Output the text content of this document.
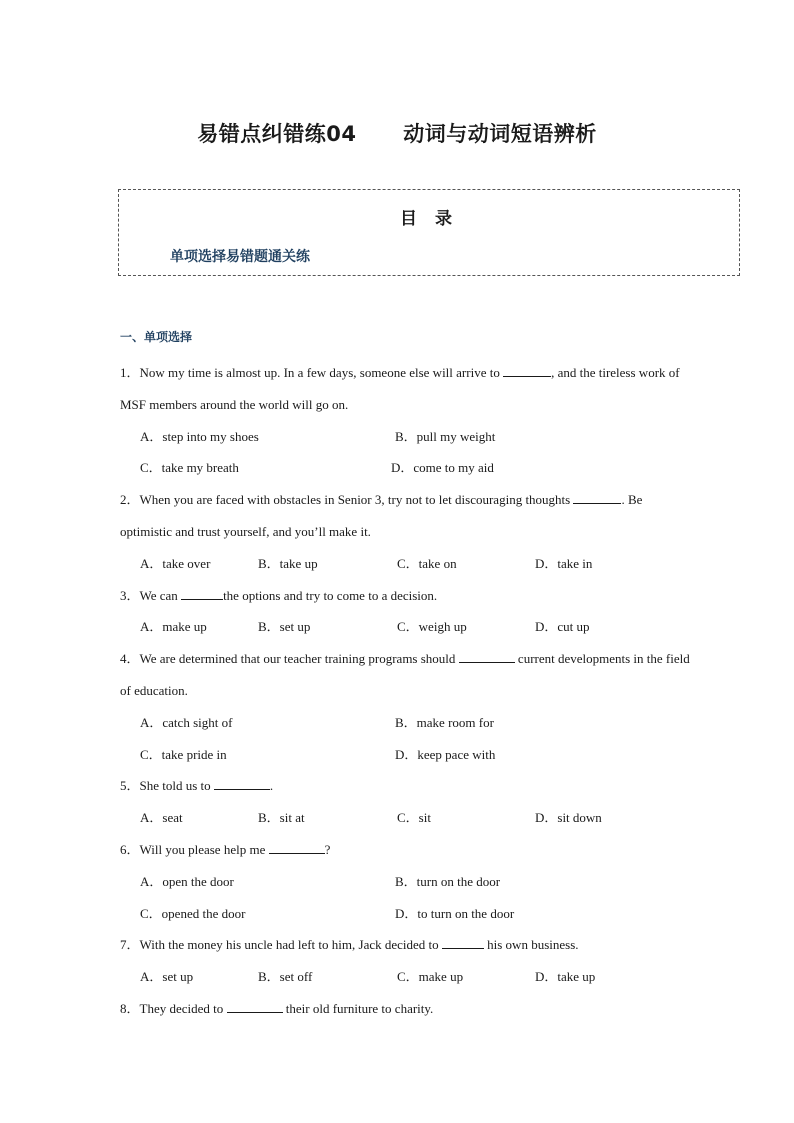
易错点纠错练04      动词与动词短语辨析
目 录
单项选择易错题通关练
一、单项选择

1．Now my time is almost up. In a few days, someone else will arrive to	, and the tireless work of MSF members around the world will go on.

A．step into my shoes	B．pull my weight
C．take my breath	D．come to my aid

2．When you are faced with obstacles in Senior 3, try not to let discouraging thoughts	. Be optimistic and trust yourself, and you’ll make it.

A．take over	B．take up	C．take on	D．take in

3．We can	the options and try to come to a decision.

A．make up	B．set up	C．weigh up	D．cut up

4．We are determined that our teacher training programs should	current developments in the field of education.

A．catch sight of	B．make room for
C．take pride in	D．keep pace with

5．She told us to	.

A．seat	B．sit at	C．sit	D．sit down

6．Will you please help me	?

A．open the door	B．turn on the door
C．opened the door	D．to turn on the door

7．With the money his uncle had left to him, Jack decided to	his own business.

A．set up	B．set off	C．make up	D．take up

8．They decided to	their old furniture to charity.
